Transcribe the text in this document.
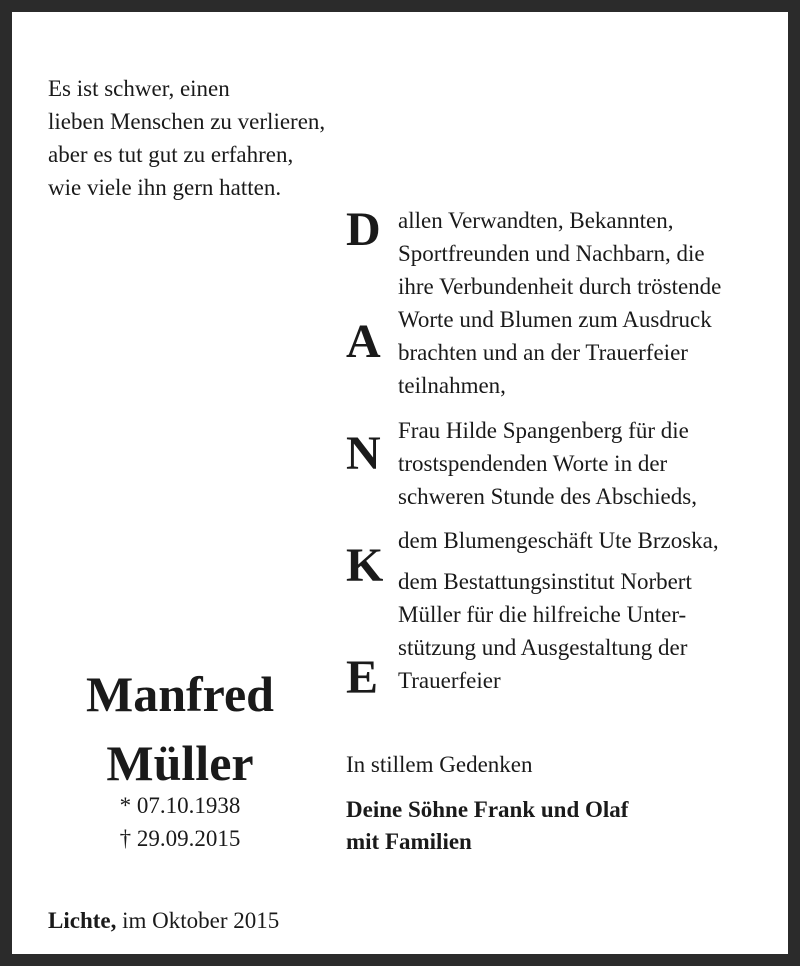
Es ist schwer, einen
lieben Menschen zu verlieren,
aber es tut gut zu erfahren,
wie viele ihn gern hatten.
D
A
N
K
E
allen Verwandten, Bekannten,
Sportfreunden und Nachbarn, die
ihre Verbundenheit durch tröstende
Worte und Blumen zum Ausdruck
brachten und an der Trauerfeier
teilnahmen,
Frau Hilde Spangenberg für die
trostspendenden Worte in der
schweren Stunde des Abschieds,
dem Blumengeschäft Ute Brzoska,
dem Bestattungsinstitut Norbert
Müller für die hilfreiche Unter-
stützung und Ausgestaltung der
Trauerfeier
Manfred
Müller
* 07.10.1938
† 29.09.2015
In stillem Gedenken
Deine Söhne Frank und Olaf
mit Familien
Lichte, im Oktober 2015
